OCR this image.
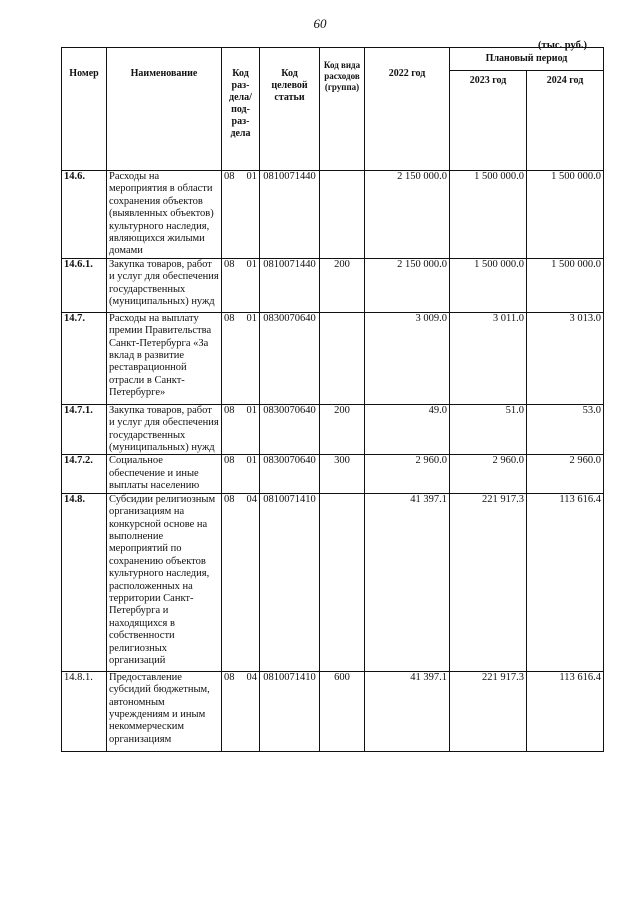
60
(тыс. руб.)
Номер	Наименование	Код раз-дела/ под-раз-дела	Код целевой статьи	Код вида расходов (группа)	2022 год	Плановый период	
						2023 год	2024 год
14.6.	Расходы на мероприятия в области сохранения объектов (выявленных объектов) культурного наследия, являющихся жилыми домами	08 01	0810071440		2 150 000.0	1 500 000.0	1 500 000.0
14.6.1.	Закупка товаров, работ и услуг для обеспечения государственных (муниципальных) нужд	08 01	0810071440	200	2 150 000.0	1 500 000.0	1 500 000.0
14.7.	Расходы на выплату премии Правительства Санкт-Петербурга «За вклад в развитие реставрационной отрасли в Санкт-Петербурге»	08 01	0830070640		3 009.0	3 011.0	3 013.0
14.7.1.	Закупка товаров, работ и услуг для обеспечения государственных (муниципальных) нужд	08 01	0830070640	200	49.0	51.0	53.0
14.7.2.	Социальное обеспечение и иные выплаты населению	08 01	0830070640	300	2 960.0	2 960.0	2 960.0
14.8.	Субсидии религиозным организациям на конкурсной основе на выполнение мероприятий по сохранению объектов культурного наследия, расположенных на территории Санкт-Петербурга и находящихся в собственности религиозных организаций	08 04	0810071410		41 397.1	221 917.3	113 616.4
14.8.1.	Предоставление субсидий бюджетным, автономным учреждениям и иным некоммерческим организациям	08 04	0810071410	600	41 397.1	221 917.3	113 616.4
